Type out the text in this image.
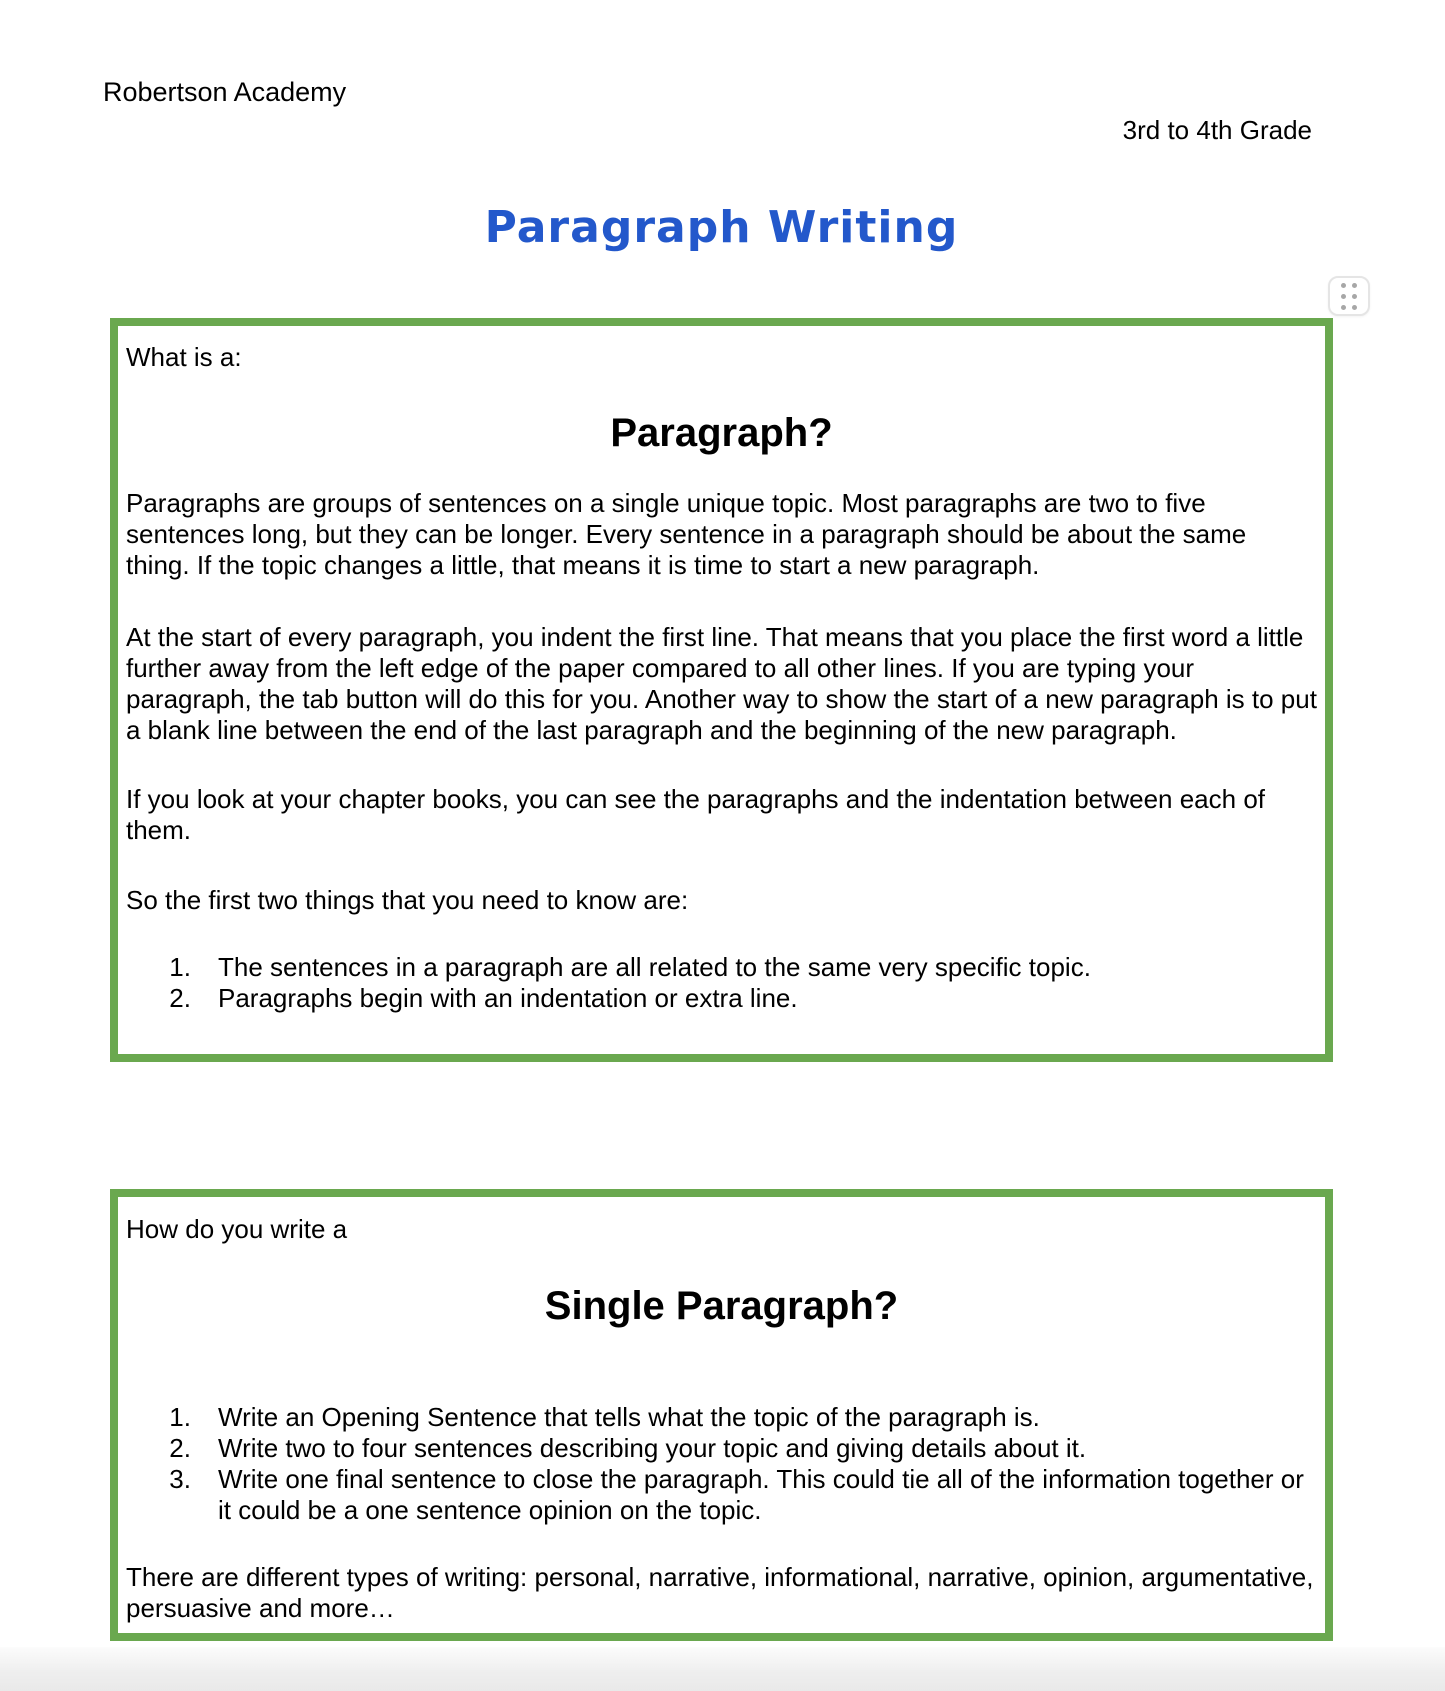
Robertson Academy
3rd to 4th Grade
Paragraph Writing

What is a:

Paragraph?

Paragraphs are groups of sentences on a single unique topic. Most paragraphs are two to five sentences long, but they can be longer. Every sentence in a paragraph should be about the same thing. If the topic changes a little, that means it is time to start a new paragraph.

At the start of every paragraph, you indent the first line. That means that you place the first word a little further away from the left edge of the paper compared to all other lines. If you are typing your paragraph, the tab button will do this for you. Another way to show the start of a new paragraph is to put a blank line between the end of the last paragraph and the beginning of the new paragraph.

If you look at your chapter books, you can see the paragraphs and the indentation between each of them.

So the first two things that you need to know are:

The sentences in a paragraph are all related to the same very specific topic.
Paragraphs begin with an indentation or extra line.

How do you write a

Single Paragraph?

Write an Opening Sentence that tells what the topic of the paragraph is.
Write two to four sentences describing your topic and giving details about it.
Write one final sentence to close the paragraph. This could tie all of the information together or it could be a one sentence opinion on the topic.

There are different types of writing: personal, narrative, informational, narrative, opinion, argumentative, persuasive and more…
